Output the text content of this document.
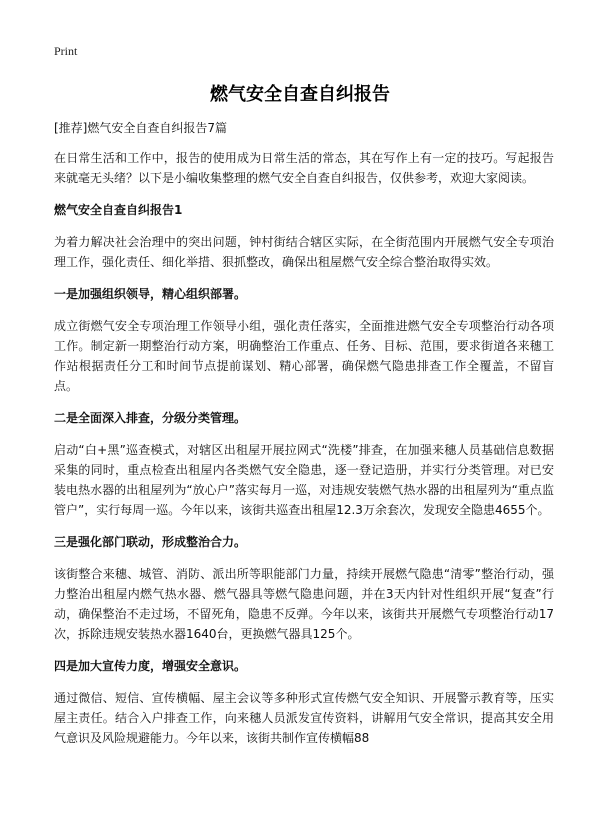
Print
燃气安全自查自纠报告

[推荐]燃气安全自查自纠报告7篇

在日常生活和工作中，报告的使用成为日常生活的常态，其在写作上有一定的技巧。写起报告来就毫无头绪？以下是小编收集整理的燃气安全自查自纠报告，仅供参考，欢迎大家阅读。

燃气安全自查自纠报告1

为着力解决社会治理中的突出问题，钟村街结合辖区实际，在全街范围内开展燃气安全专项治理工作，强化责任、细化举措、狠抓整改，确保出租屋燃气安全综合整治取得实效。

一是加强组织领导，精心组织部署。

成立街燃气安全专项治理工作领导小组，强化责任落实，全面推进燃气安全专项整治行动各项工作。制定新一期整治行动方案，明确整治工作重点、任务、目标、范围，要求街道各来穗工作站根据责任分工和时间节点提前谋划、精心部署，确保燃气隐患排查工作全覆盖，不留盲点。

二是全面深入排查，分级分类管理。

启动“白+黑”巡查模式，对辖区出租屋开展拉网式“洗楼”排查，在加强来穗人员基础信息数据采集的同时，重点检查出租屋内各类燃气安全隐患，逐一登记造册，并实行分类管理。对已安装电热水器的出租屋列为“放心户”落实每月一巡，对违规安装燃气热水器的出租屋列为“重点监管户”，实行每周一巡。今年以来，该街共巡查出租屋12.3万余套次，发现安全隐患4655个。

三是强化部门联动，形成整治合力。

该街整合来穗、城管、消防、派出所等职能部门力量，持续开展燃气隐患“清零”整治行动，强力整治出租屋内燃气热水器、燃气器具等燃气隐患问题，并在3天内针对性组织开展“复查”行动，确保整治不走过场，不留死角，隐患不反弹。今年以来，该街共开展燃气专项整治行动17次，拆除违规安装热水器1640台，更换燃气器具125个。

四是加大宣传力度，增强安全意识。

通过微信、短信、宣传横幅、屋主会议等多种形式宣传燃气安全知识、开展警示教育等，压实屋主责任。结合入户排查工作，向来穗人员派发宣传资料，讲解用气安全常识，提高其安全用气意识及风险规避能力。今年以来，该街共制作宣传横幅88
